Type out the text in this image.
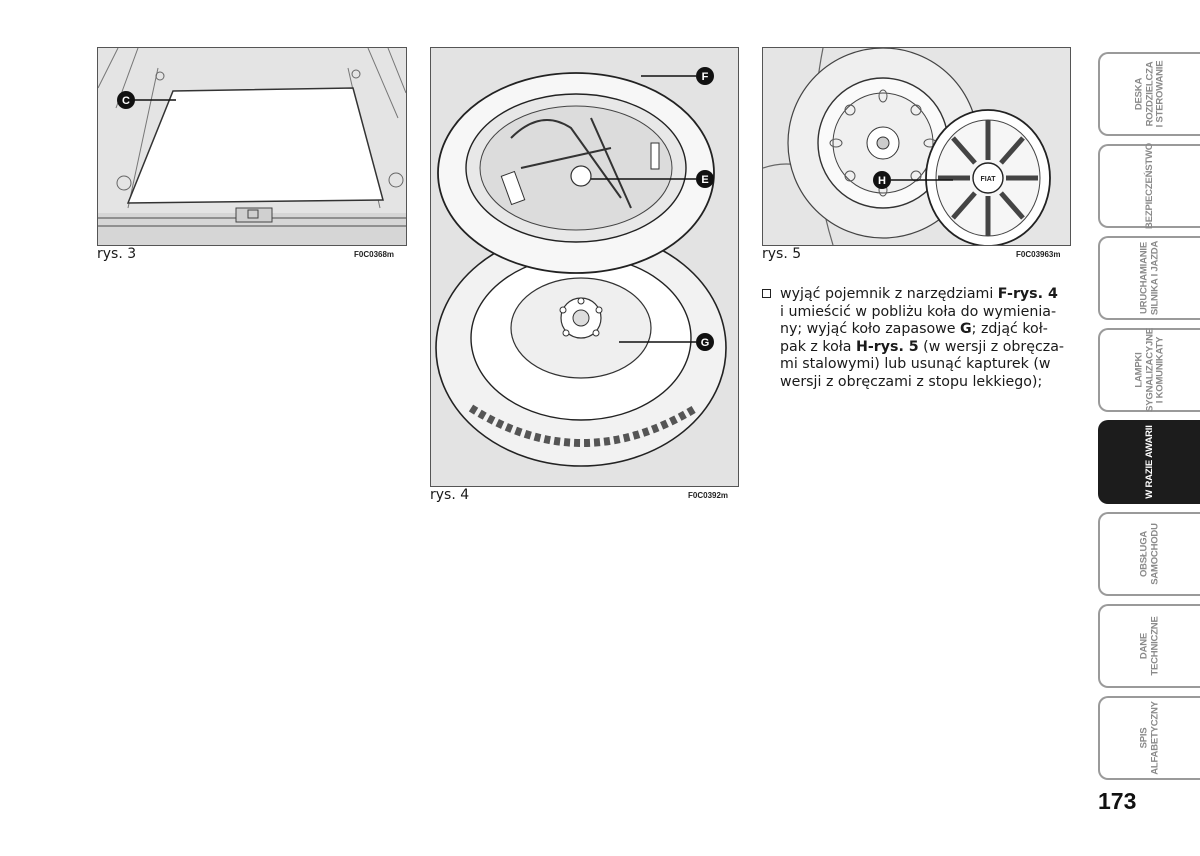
C
rys. 3	F0C0368m
F
E
G
rys. 4	F0C0392m
FIAT
H
rys. 5	F0C03963m
wyjąć pojemnik z narzędziami F-rys. 4
i umieścić w pobliżu koła do wymienia-
ny; wyjąć koło zapasowe G; zdjąć koł-
pak z koła H-rys. 5 (w wersji z obręcza-
mi stalowymi) lub usunąć kapturek (w
wersji z obręczami z stopu lekkiego);
DESKA
ROZDZIELCZA
I STEROWANIE
BEZPIECZEŃSTWO
URUCHAMIANIE
SILNIKA I JAZDA
LAMPKI
SYGNALIZACYJNE
I KOMUNIKATY
W RAZIE AWARII
OBSŁUGA
SAMOCHODU
DANE
TECHNICZNE
SPIS
ALFABETYCZNY
173
